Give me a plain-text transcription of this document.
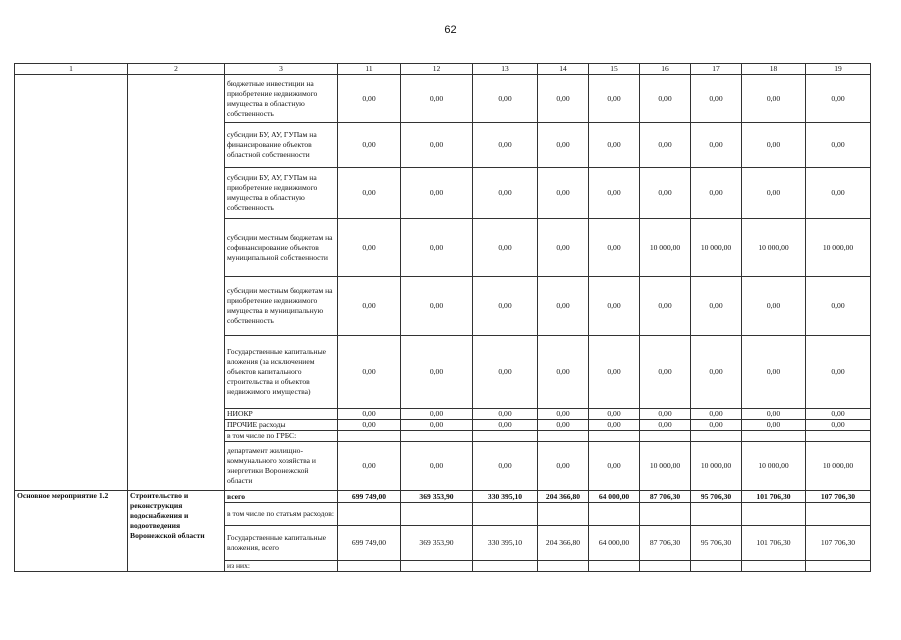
62
1	2	3	11	12	13	14	15	16	17	18	19
		бюджетные инвестиции на приобретение недвижимого имущества в областную собственность	0,00	0,00	0,00	0,00	0,00	0,00	0,00	0,00	0,00
		субсидии БУ, АУ, ГУПам на финансирование объектов областной собственности	0,00	0,00	0,00	0,00	0,00	0,00	0,00	0,00	0,00
		субсидии БУ, АУ, ГУПам на приобретение недвижимого имущества в областную собственность	0,00	0,00	0,00	0,00	0,00	0,00	0,00	0,00	0,00
		субсидии местным бюджетам на софинансирование объектов муниципальной собственности	0,00	0,00	0,00	0,00	0,00	10 000,00	10 000,00	10 000,00	10 000,00
		субсидии местным бюджетам на приобретение недвижимого имущества в муниципальную собственность	0,00	0,00	0,00	0,00	0,00	0,00	0,00	0,00	0,00
		Государственные капитальные вложения (за исключением объектов капитального строительства и объектов недвижимого имущества)	0,00	0,00	0,00	0,00	0,00	0,00	0,00	0,00	0,00
		НИОКР	0,00	0,00	0,00	0,00	0,00	0,00	0,00	0,00	0,00
		ПРОЧИЕ расходы	0,00	0,00	0,00	0,00	0,00	0,00	0,00	0,00	0,00
		в том числе по ГРБС:									
		департамент жилищно-коммунального хозяйства и энергетики Воронежской области	0,00	0,00	0,00	0,00	0,00	10 000,00	10 000,00	10 000,00	10 000,00
Основное мероприятие 1.2	Строительство и реконструкция водоснабжения и водоотведения Воронежской области	всего	699 749,00	369 353,90	330 395,10	204 366,80	64 000,00	87 706,30	95 706,30	101 706,30	107 706,30
		в том числе по статьям расходов:									
		Государственные капитальные вложения, всего	699 749,00	369 353,90	330 395,10	204 366,80	64 000,00	87 706,30	95 706,30	101 706,30	107 706,30
		из них:									
